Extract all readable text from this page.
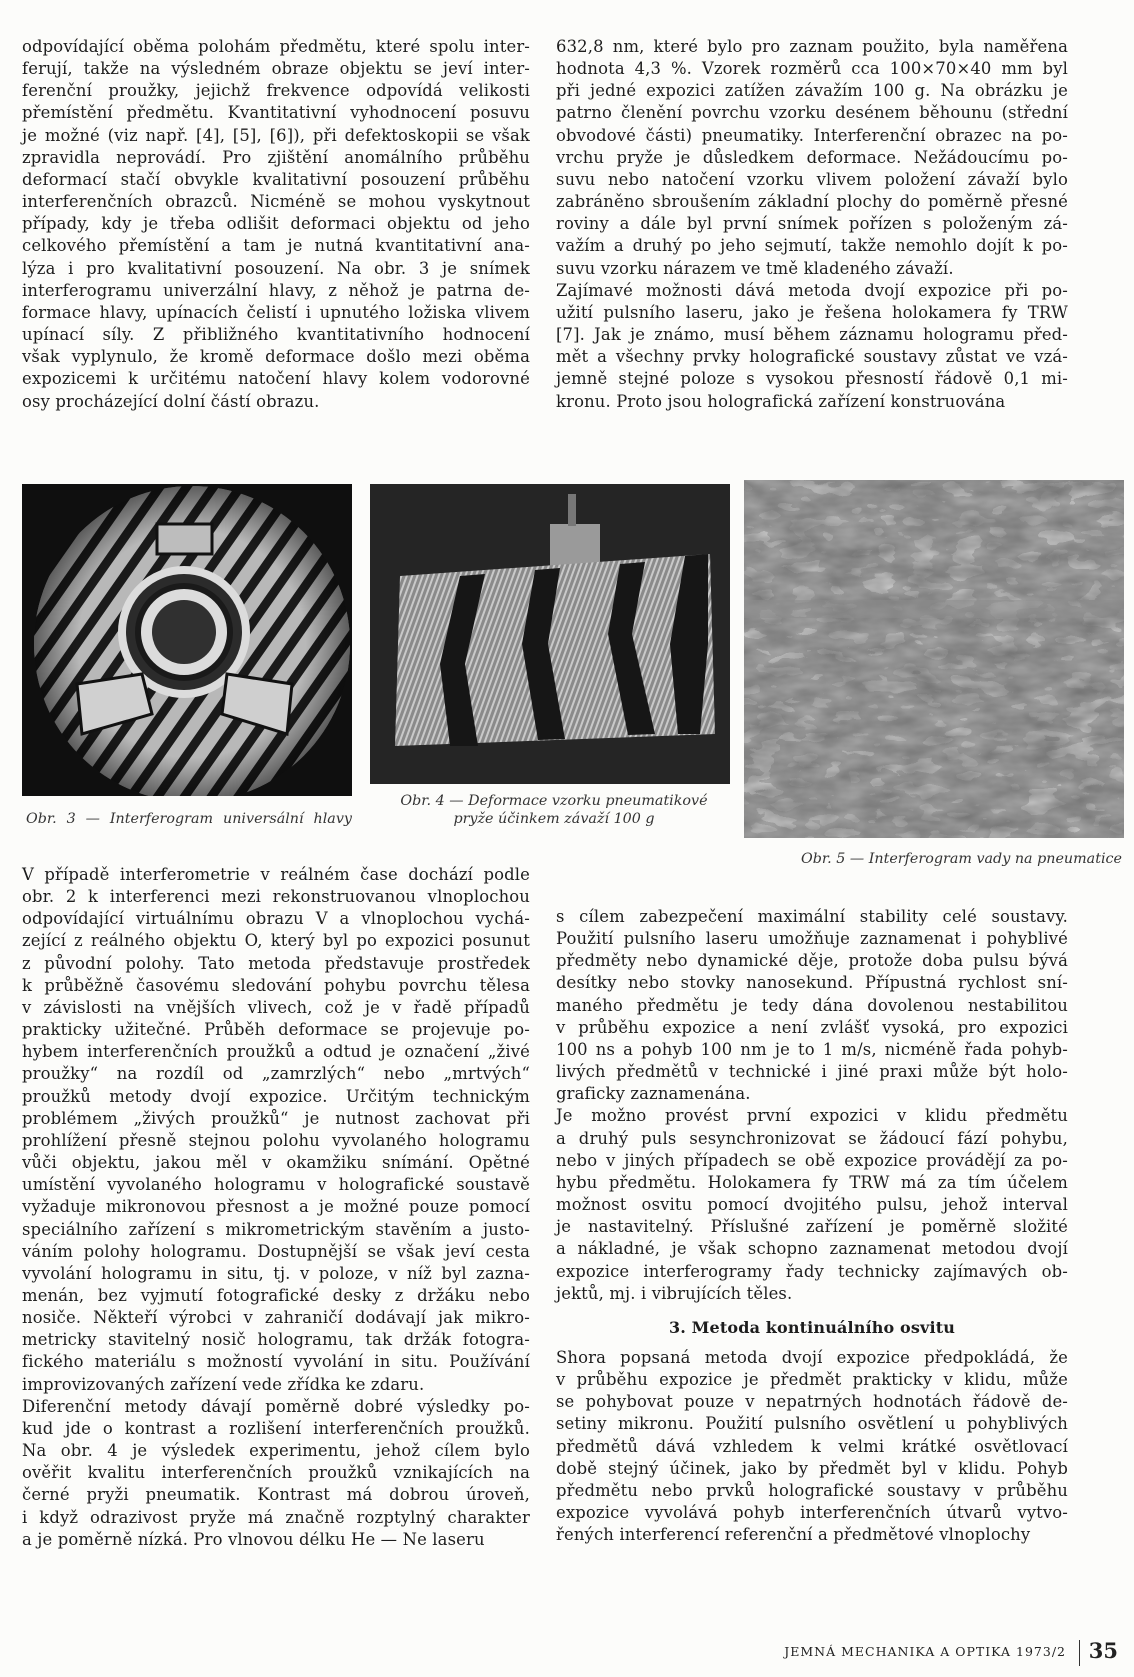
odpovídající oběma polohám předmětu, které spolu inter-

ferují, takže na výsledném obraze objektu se jeví inter-

ferenční proužky, jejichž frekvence odpovídá velikosti

přemístění předmětu. Kvantitativní vyhodnocení posuvu

je možné (viz např. [4], [5], [6]), při defektoskopii se však

zpravidla neprovádí. Pro zjištění anomálního průběhu

deformací stačí obvykle kvalitativní posouzení průběhu

interferenčních obrazců. Nicméně se mohou vyskytnout

případy, kdy je třeba odlišit deformaci objektu od jeho

celkového přemístění a tam je nutná kvantitativní ana-

lýza i pro kvalitativní posouzení. Na obr. 3 je snímek

interferogramu univerzální hlavy, z něhož je patrna de-

formace hlavy, upínacích čelistí i upnutého ložiska vlivem

upínací síly. Z přibližného kvantitativního hodnocení

však vyplynulo, že kromě deformace došlo mezi oběma

expozicemi k určitému natočení hlavy kolem vodorovné

osy procházející dolní částí obrazu.

632,8 nm, které bylo pro zaznam použito, byla naměřena

hodnota 4,3 %. Vzorek rozměrů cca 100×70×40 mm byl

při jedné expozici zatížen závažím 100 g. Na obrázku je

patrno členění povrchu vzorku desénem běhounu (střední

obvodové části) pneumatiky. Interferenční obrazec na po-

vrchu pryže je důsledkem deformace. Nežádoucímu po-

suvu nebo natočení vzorku vlivem položení závaží bylo

zabráněno sbroušením základní plochy do poměrně přesné

roviny a dále byl první snímek pořízen s položeným zá-

važím a druhý po jeho sejmutí, takže nemohlo dojít k po-

suvu vzorku nárazem ve tmě kladeného závaží.

Zajímavé možnosti dává metoda dvojí expozice při po-

užití pulsního laseru, jako je řešena holokamera fy TRW

[7]. Jak je známo, musí během záznamu hologramu před-

mět a všechny prvky holografické soustavy zůstat ve vzá-

jemně stejné poloze s vysokou přesností řádově 0,1 mi-

kronu. Proto jsou holografická zařízení konstruována

Obr. 3 — Interferogram universální hlavy
Obr. 4 — Deformace vzorku pneumatikové
pryže účinkem závaží 100 g
Obr. 5 — Interferogram vady na pneumatice

V případě interferometrie v reálném čase dochází podle

obr. 2 k interferenci mezi rekonstruovanou vlnoplochou

odpovídající virtuálnímu obrazu V a vlnoplochou vychá-

zející z reálného objektu O, který byl po expozici posunut

z původní polohy. Tato metoda představuje prostředek

k průběžně časovému sledování pohybu povrchu tělesa

v závislosti na vnějších vlivech, což je v řadě případů

prakticky užitečné. Průběh deformace se projevuje po-

hybem interferenčních proužků a odtud je označení „živé

proužky“ na rozdíl od „zamrzlých“ nebo „mrtvých“

proužků metody dvojí expozice. Určitým technickým

problémem „živých proužků“ je nutnost zachovat při

prohlížení přesně stejnou polohu vyvolaného hologramu

vůči objektu, jakou měl v okamžiku snímání. Opětné

umístění vyvolaného hologramu v holografické soustavě

vyžaduje mikronovou přesnost a je možné pouze pomocí

speciálního zařízení s mikrometrickým stavěním a justo-

váním polohy hologramu. Dostupnější se však jeví cesta

vyvolání hologramu in situ, tj. v poloze, v níž byl zazna-

menán, bez vyjmutí fotografické desky z držáku nebo

nosiče. Někteří výrobci v zahraničí dodávají jak mikro-

metricky stavitelný nosič hologramu, tak držák fotogra-

fického materiálu s možností vyvolání in situ. Používání

improvizovaných zařízení vede zřídka ke zdaru.

Diferenční metody dávají poměrně dobré výsledky po-

kud jde o kontrast a rozlišení interferenčních proužků.

Na obr. 4 je výsledek experimentu, jehož cílem bylo

ověřit kvalitu interferenčních proužků vznikajících na

černé pryži pneumatik. Kontrast má dobrou úroveň,

i když odrazivost pryže má značně rozptylný charakter

a je poměrně nízká. Pro vlnovou délku He — Ne laseru

s cílem zabezpečení maximální stability celé soustavy.

Použití pulsního laseru umožňuje zaznamenat i pohyblivé

předměty nebo dynamické děje, protože doba pulsu bývá

desítky nebo stovky nanosekund. Přípustná rychlost sní-

maného předmětu je tedy dána dovolenou nestabilitou

v průběhu expozice a není zvlášť vysoká, pro expozici

100 ns a pohyb 100 nm je to 1 m/s, nicméně řada pohyb-

livých předmětů v technické i jiné praxi může být holo-

graficky zaznamenána.

Je možno provést první expozici v klidu předmětu

a druhý puls sesynchronizovat se žádoucí fází pohybu,

nebo v jiných případech se obě expozice provádějí za po-

hybu předmětu. Holokamera fy TRW má za tím účelem

možnost osvitu pomocí dvojitého pulsu, jehož interval

je nastavitelný. Příslušné zařízení je poměrně složité

a nákladné, je však schopno zaznamenat metodou dvojí

expozice interferogramy řady technicky zajímavých ob-

jektů, mj. i vibrujících těles.

3. Metoda kontinuálního osvitu

Shora popsaná metoda dvojí expozice předpokládá, že

v průběhu expozice je předmět prakticky v klidu, může

se pohybovat pouze v nepatrných hodnotách řádově de-

setiny mikronu. Použití pulsního osvětlení u pohyblivých

předmětů dává vzhledem k velmi krátké osvětlovací

době stejný účinek, jako by předmět byl v klidu. Pohyb

předmětu nebo prvků holografické soustavy v průběhu

expozice vyvolává pohyb interferenčních útvarů vytvo-

řených interferencí referenční a předmětové vlnoplochy

JEMNÁ MECHANIKA A OPTIKA 1973/2 35
